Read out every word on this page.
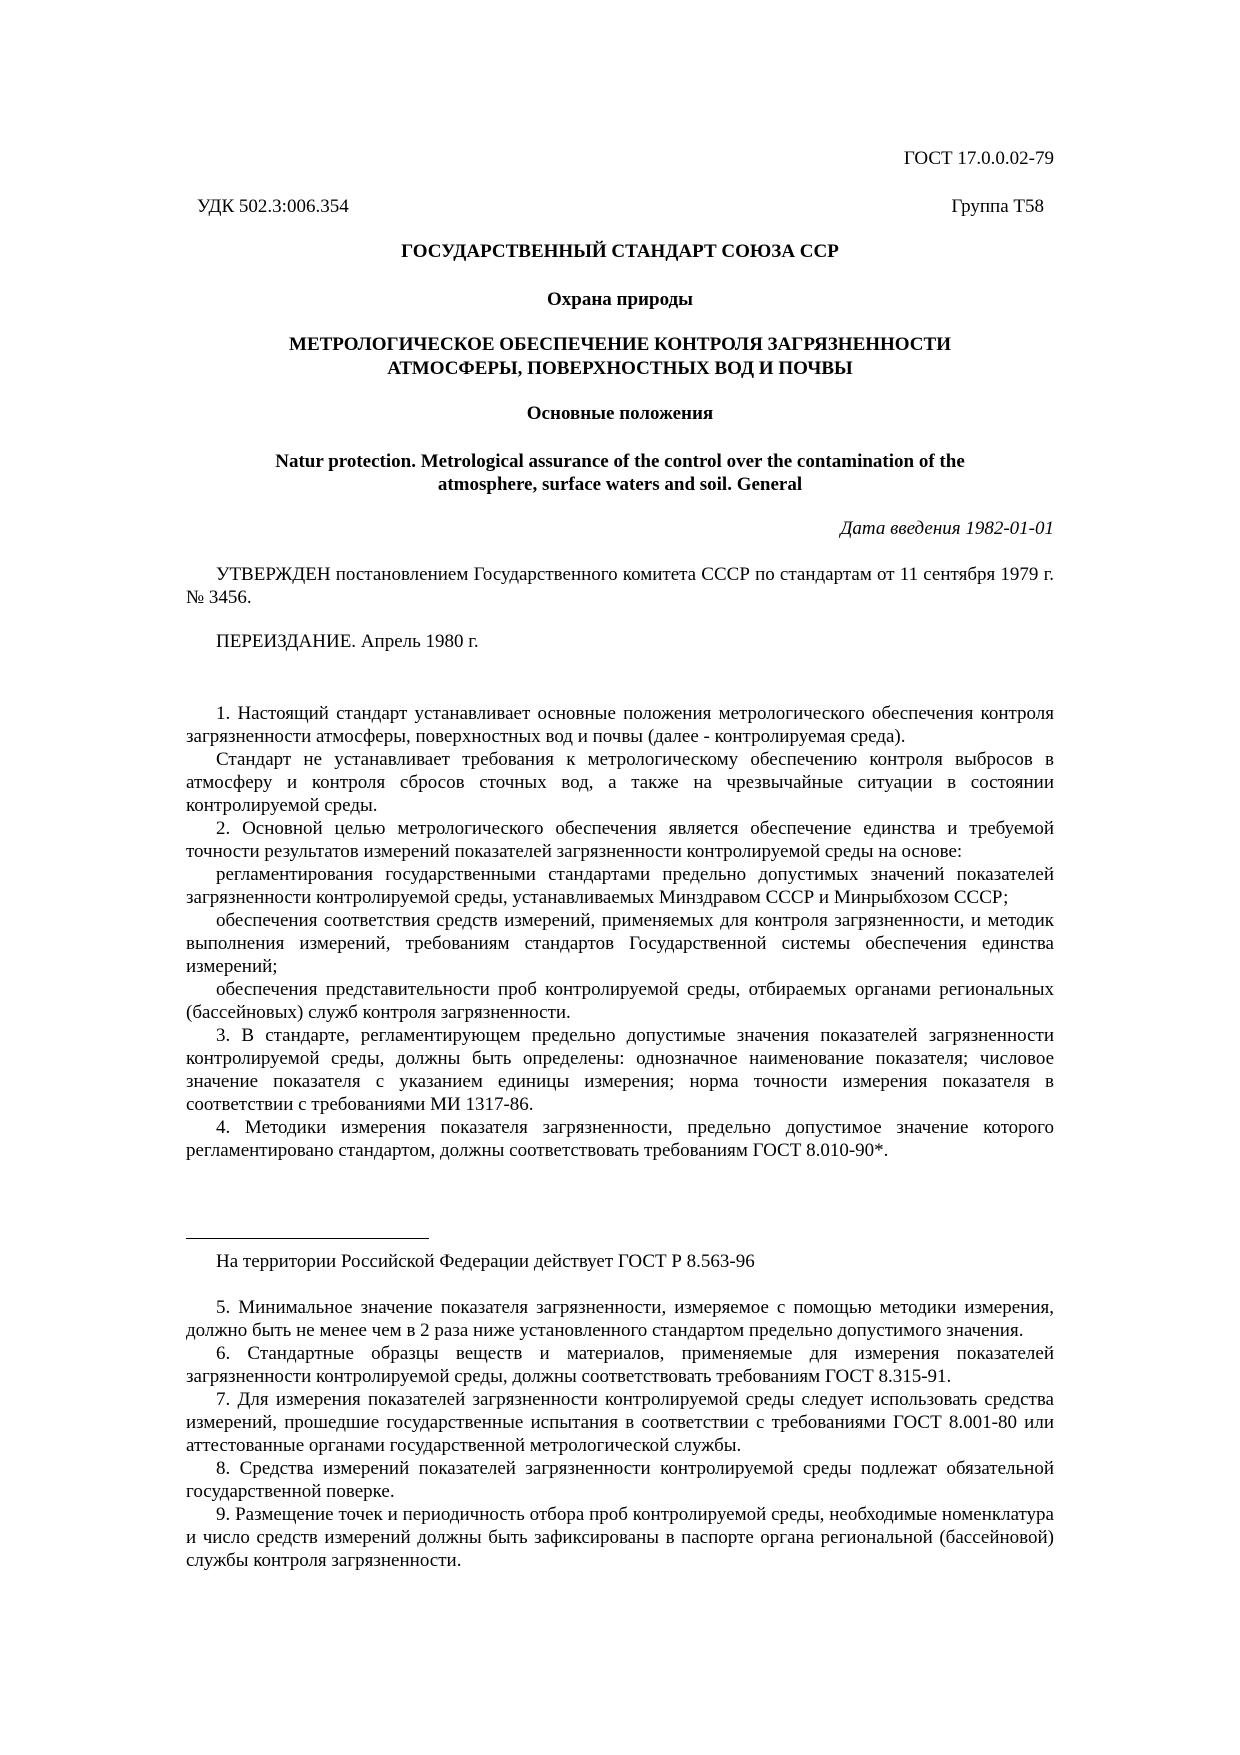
ГОСТ 17.0.0.02-79

УДК 502.3:006.354	Группа Т58

ГОСУДАРСТВЕННЫЙ СТАНДАРТ СОЮЗА ССР

Охрана природы

МЕТРОЛОГИЧЕСКОЕ ОБЕСПЕЧЕНИЕ КОНТРОЛЯ ЗАГРЯЗНЕННОСТИ
АТМОСФЕРЫ, ПОВЕРХНОСТНЫХ ВОД И ПОЧВЫ

Основные положения

Natur protection. Metrological assurance of the control over the contamination of the
atmosphere, surface waters and soil. General

Дата введения 1982-01-01

УТВЕРЖДЕН постановлением Государственного комитета СССР по стандартам от 11 сентября 1979 г. № 3456.

ПЕРЕИЗДАНИЕ. Апрель 1980 г.

1. Настоящий стандарт устанавливает основные положения метрологического обеспечения контроля загрязненности атмосферы, поверхностных вод и почвы (далее - контролируемая среда).

Стандарт не устанавливает требования к метрологическому обеспечению контроля выбросов в атмосферу и контроля сбросов сточных вод, а также на чрезвычайные ситуации в состоянии контролируемой среды.

2. Основной целью метрологического обеспечения является обеспечение единства и требуемой точности результатов измерений показателей загрязненности контролируемой среды на основе:

регламентирования государственными стандартами предельно допустимых значений показателей загрязненности контролируемой среды, устанавливаемых Минздравом СССР и Минрыбхозом СССР;

обеспечения соответствия средств измерений, применяемых для контроля загрязненности, и методик выполнения измерений, требованиям стандартов Государственной системы обеспечения единства измерений;

обеспечения представительности проб контролируемой среды, отбираемых органами региональных (бассейновых) служб контроля загрязненности.

3. В стандарте, регламентирующем предельно допустимые значения показателей загрязненности контролируемой среды, должны быть определены: однозначное наименование показателя; числовое значение показателя с указанием единицы измерения; норма точности измерения показателя в соответствии с требованиями МИ 1317-86.

4. Методики измерения показателя загрязненности, предельно допустимое значение которого регламентировано стандартом, должны соответствовать требованиям ГОСТ 8.010-90*.

На территории Российской Федерации действует ГОСТ Р 8.563-96

5. Минимальное значение показателя загрязненности, измеряемое с помощью методики измерения, должно быть не менее чем в 2 раза ниже установленного стандартом предельно допустимого значения.

6. Стандартные образцы веществ и материалов, применяемые для измерения показателей загрязненности контролируемой среды, должны соответствовать требованиям ГОСТ 8.315-91.

7. Для измерения показателей загрязненности контролируемой среды следует использовать средства измерений, прошедшие государственные испытания в соответствии с требованиями ГОСТ 8.001-80 или аттестованные органами государственной метрологической службы.

8. Средства измерений показателей загрязненности контролируемой среды подлежат обязательной государственной поверке.

9. Размещение точек и периодичность отбора проб контролируемой среды, необходимые номенклатура и число средств измерений должны быть зафиксированы в паспорте органа региональной (бассейновой) службы контроля загрязненности.
